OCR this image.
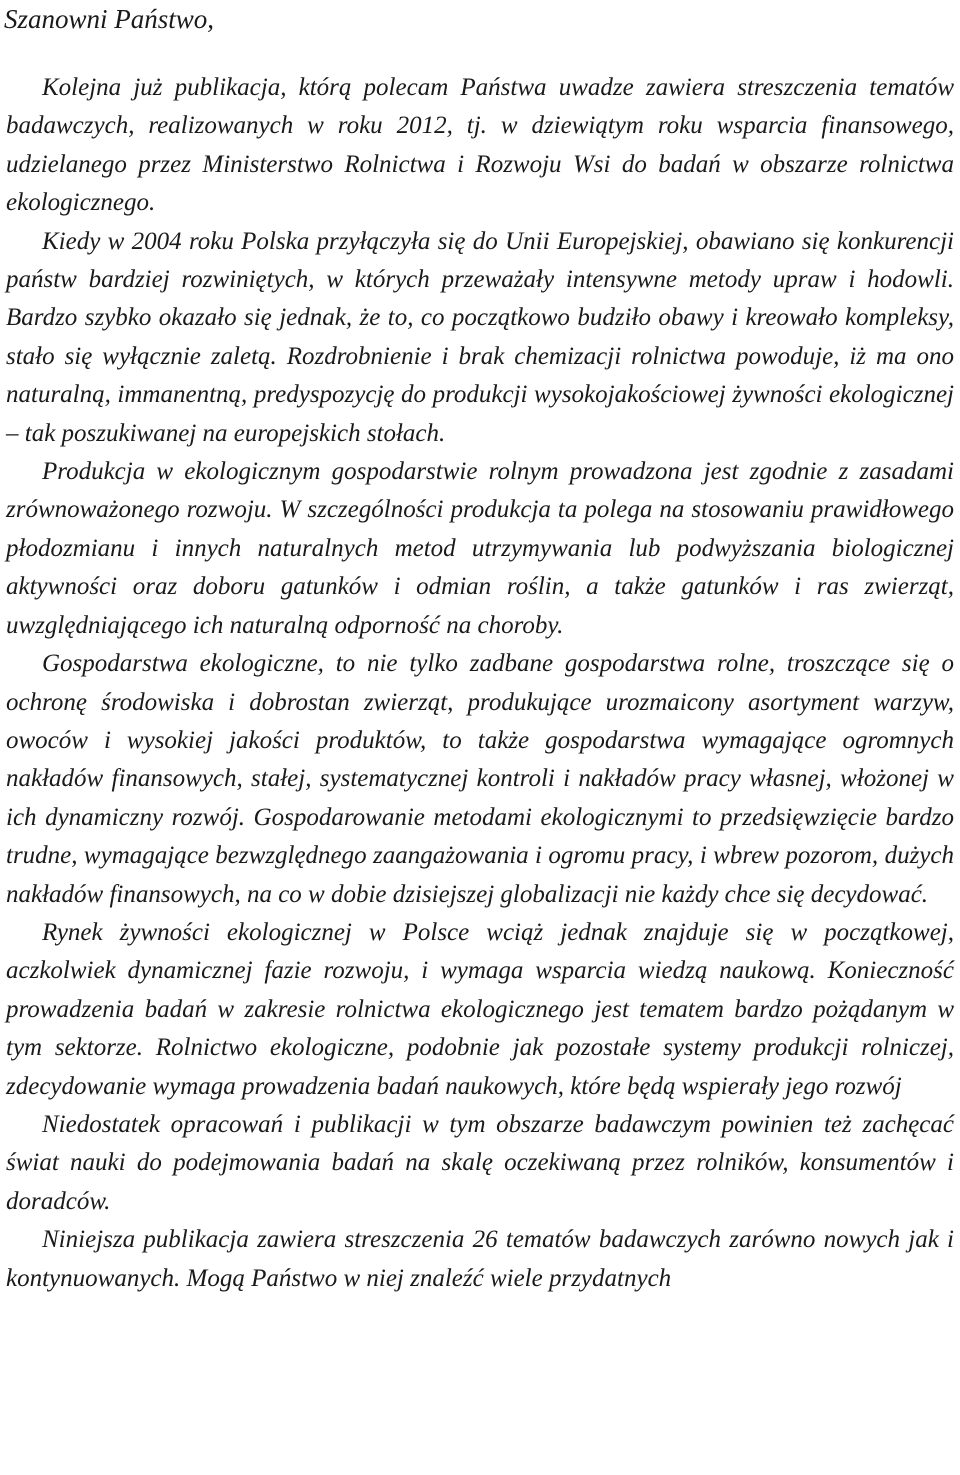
Szanowni Państwo,

Kolejna już publikacja, którą polecam Państwa uwadze zawiera streszczenia tematów badawczych, realizowanych w roku 2012, tj. w dziewiątym roku wsparcia finansowego, udzielanego przez Ministerstwo Rolnictwa i Rozwoju Wsi do badań w obszarze rolnictwa ekologicznego.

Kiedy w 2004 roku Polska przyłączyła się do Unii Europejskiej, obawiano się konkurencji państw bardziej rozwiniętych, w których przeważały intensywne metody upraw i hodowli. Bardzo szybko okazało się jednak, że to, co początkowo budziło obawy i kreowało kompleksy, stało się wyłącznie zaletą. Rozdrobnienie i brak chemizacji rolnictwa powoduje, iż ma ono naturalną, immanentną, predyspozycję do produkcji wysokojakościowej żywności ekologicznej – tak poszukiwanej na europejskich stołach.

Produkcja w ekologicznym gospodarstwie rolnym prowadzona jest zgodnie z zasadami zrównoważonego rozwoju. W szczególności produkcja ta polega na stosowaniu prawidłowego płodozmianu i innych naturalnych metod utrzymywania lub podwyższania biologicznej aktywności oraz doboru gatunków i odmian roślin, a także gatunków i ras zwierząt, uwzględniającego ich naturalną odporność na choroby.

Gospodarstwa ekologiczne, to nie tylko zadbane gospodarstwa rolne, troszczące się o ochronę środowiska i dobrostan zwierząt, produkujące urozmaicony asortyment warzyw, owoców i wysokiej jakości produktów, to także gospodarstwa wymagające ogromnych nakładów finansowych, stałej, systematycznej kontroli i nakładów pracy własnej, włożonej w ich dynamiczny rozwój. Gospodarowanie metodami ekologicznymi to przedsięwzięcie bardzo trudne, wymagające bezwzględnego zaangażowania i ogromu pracy, i wbrew pozorom, dużych nakładów finansowych, na co w dobie dzisiejszej globalizacji nie każdy chce się decydować.

Rynek żywności ekologicznej w Polsce wciąż jednak znajduje się w początkowej, aczkolwiek dynamicznej fazie rozwoju, i wymaga wsparcia wiedzą naukową. Konieczność prowadzenia badań w zakresie rolnictwa ekologicznego jest tematem bardzo pożądanym w tym sektorze. Rolnictwo ekologiczne, podobnie jak pozostałe systemy produkcji rolniczej, zdecydowanie wymaga prowadzenia badań naukowych, które będą wspierały jego rozwój

Niedostatek opracowań i publikacji w tym obszarze badawczym powinien też zachęcać świat nauki do podejmowania badań na skalę oczekiwaną przez rolników, konsumentów i doradców.

Niniejsza publikacja zawiera streszczenia 26 tematów badawczych zarówno nowych jak i kontynuowanych. Mogą Państwo w niej znaleźć wiele przydatnych
